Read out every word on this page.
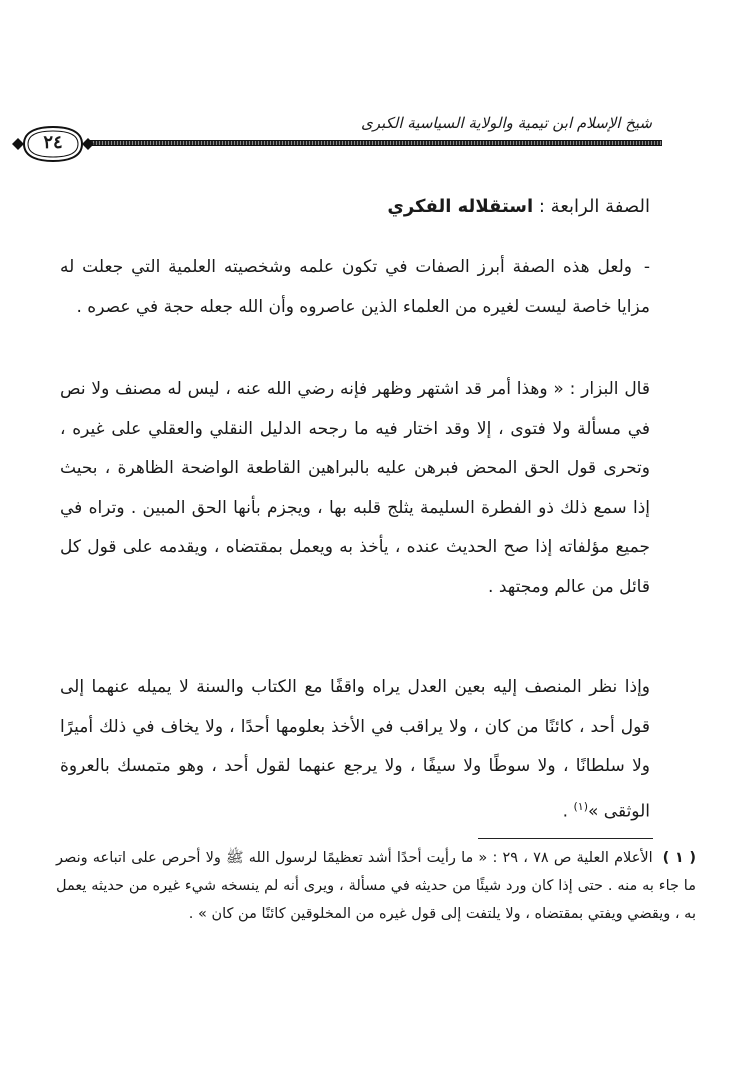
شيخ الإسلام ابن تيمية والولاية السياسية الكبرى
٢٤
الصفة الرابعة : استقلاله الفكري
- ولعل هذه الصفة أبرز الصفات في تكون علمه وشخصيته العلمية التي جعلت له مزايا خاصة ليست لغيره من العلماء الذين عاصروه وأن الله جعله حجة في عصره .
قال البزار : « وهذا أمر قد اشتهر وظهر فإنه رضي الله عنه ، ليس له مصنف ولا نص في مسألة ولا فتوى ، إلا وقد اختار فيه ما رجحه الدليل النقلي والعقلي على غيره ، وتحرى قول الحق المحض فبرهن عليه بالبراهين القاطعة الواضحة الظاهرة ، بحيث إذا سمع ذلك ذو الفطرة السليمة يثلج قلبه بها ، ويجزم بأنها الحق المبين . وتراه في جميع مؤلفاته إذا صح الحديث عنده ، يأخذ به ويعمل بمقتضاه ، ويقدمه على قول كل قائل من عالم ومجتهد .
وإذا نظر المنصف إليه بعين العدل يراه واقفًا مع الكتاب والسنة لا يميله عنهما إلى قول أحد ، كائنًا من كان ، ولا يراقب في الأخذ بعلومها أحدًا ، ولا يخاف في ذلك أميرًا ولا سلطانًا ، ولا سوطًا ولا سيفًا ، ولا يرجع عنهما لقول أحد ، وهو متمسك بالعروة الوثقى »$^{(١)}$ .
( ١ )الأعلام العلية ص ٧٨ ، ٢٩ : « ما رأيت أحدًا أشد تعظيمًا لرسول الله ﷺ ولا أحرص على اتباعه ونصر ما جاء به منه . حتى إذا كان ورد شيئًا من حديثه في مسألة ، ويرى أنه لم ينسخه شيء غيره من حديثه يعمل به ، ويقضي ويفتي بمقتضاه ، ولا يلتفت إلى قول غيره من المخلوقين كائنًا من كان » .
